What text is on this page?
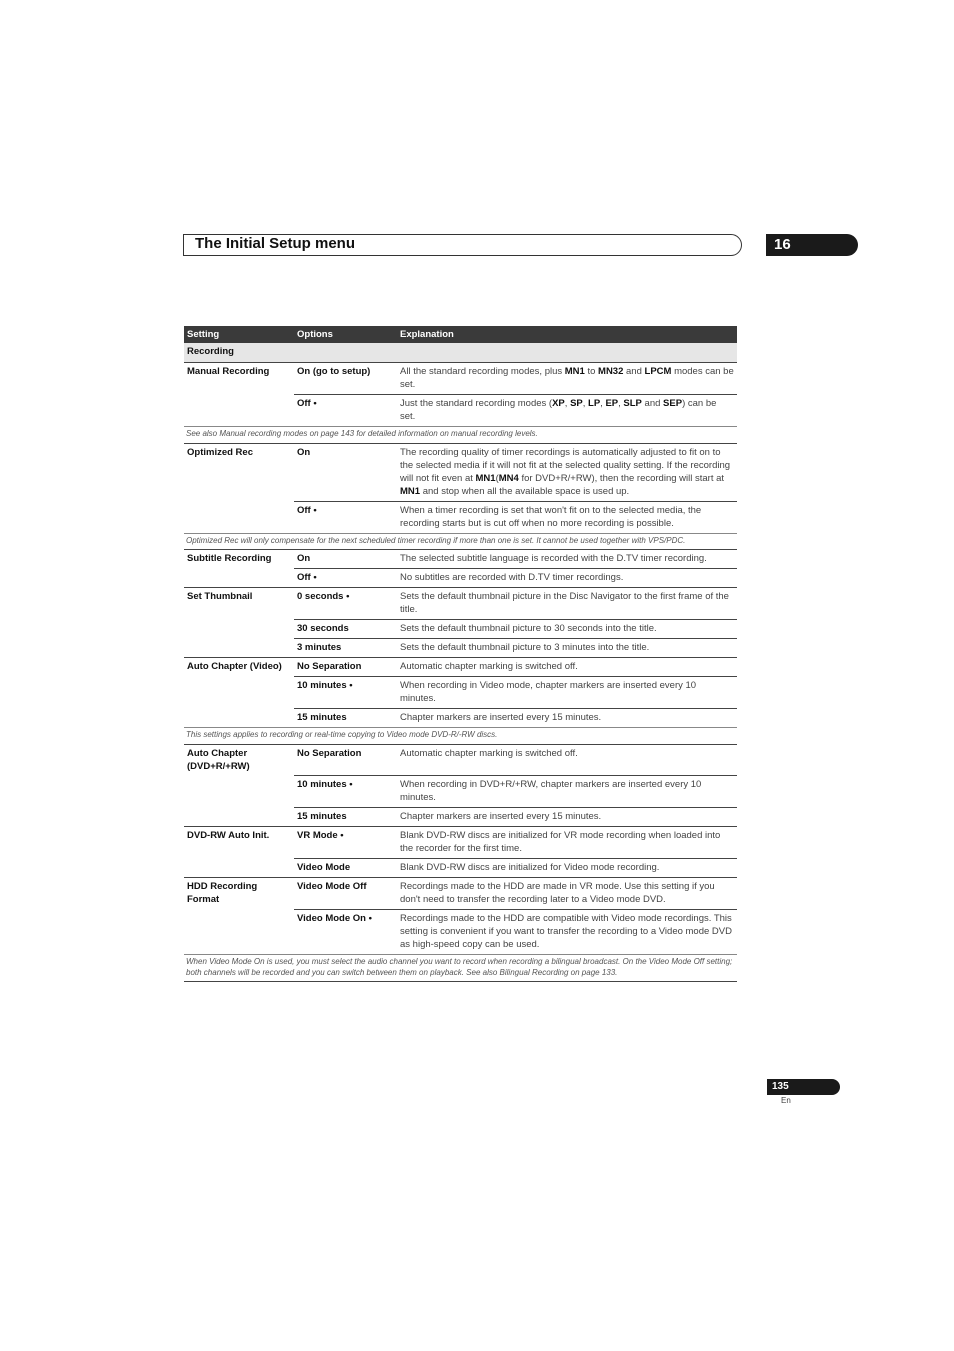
The Initial Setup menu	16
Setting	Options	Explanation
Recording		
Manual Recording	On (go to setup)	All the standard recording modes, plus MN1 to MN32 and LPCM modes can be set.
	Off •	Just the standard recording modes (XP, SP, LP, EP, SLP and SEP) can be set.
See also Manual recording modes on page 143 for detailed information on manual recording levels.		
Optimized Rec	On	The recording quality of timer recordings is automatically adjusted to fit on to the selected media if it will not fit at the selected quality setting. If the recording will not fit even at MN1(MN4 for DVD+R/+RW), then the recording will start at MN1 and stop when all the available space is used up.
	Off •	When a timer recording is set that won't fit on to the selected media, the recording starts but is cut off when no more recording is possible.
Optimized Rec will only compensate for the next scheduled timer recording if more than one is set. It cannot be used together with VPS/PDC.		
Subtitle Recording	On	The selected subtitle language is recorded with the D.TV timer recording.
	Off •	No subtitles are recorded with D.TV timer recordings.
Set Thumbnail	0 seconds •	Sets the default thumbnail picture in the Disc Navigator to the first frame of the title.
	30 seconds	Sets the default thumbnail picture to 30 seconds into the title.
	3 minutes	Sets the default thumbnail picture to 3 minutes into the title.
Auto Chapter (Video)	No Separation	Automatic chapter marking is switched off.
	10 minutes •	When recording in Video mode, chapter markers are inserted every 10 minutes.
	15 minutes	Chapter markers are inserted every 15 minutes.
This settings applies to recording or real-time copying to Video mode DVD-R/-RW discs.		
Auto Chapter (DVD+R/+RW)	No Separation	Automatic chapter marking is switched off.
	10 minutes •	When recording in DVD+R/+RW, chapter markers are inserted every 10 minutes.
	15 minutes	Chapter markers are inserted every 15 minutes.
DVD-RW Auto Init.	VR Mode •	Blank DVD-RW discs are initialized for VR mode recording when loaded into the recorder for the first time.
	Video Mode	Blank DVD-RW discs are initialized for Video mode recording.
HDD Recording Format	Video Mode Off	Recordings made to the HDD are made in VR mode. Use this setting if you don't need to transfer the recording later to a Video mode DVD.
	Video Mode On •	Recordings made to the HDD are compatible with Video mode recordings. This setting is convenient if you want to transfer the recording to a Video mode DVD as high-speed copy can be used.
When Video Mode On is used, you must select the audio channel you want to record when recording a bilingual broadcast. On the Video Mode Off setting; both channels will be recorded and you can switch between them on playback. See also Bilingual Recording on page 133.		
135
En
